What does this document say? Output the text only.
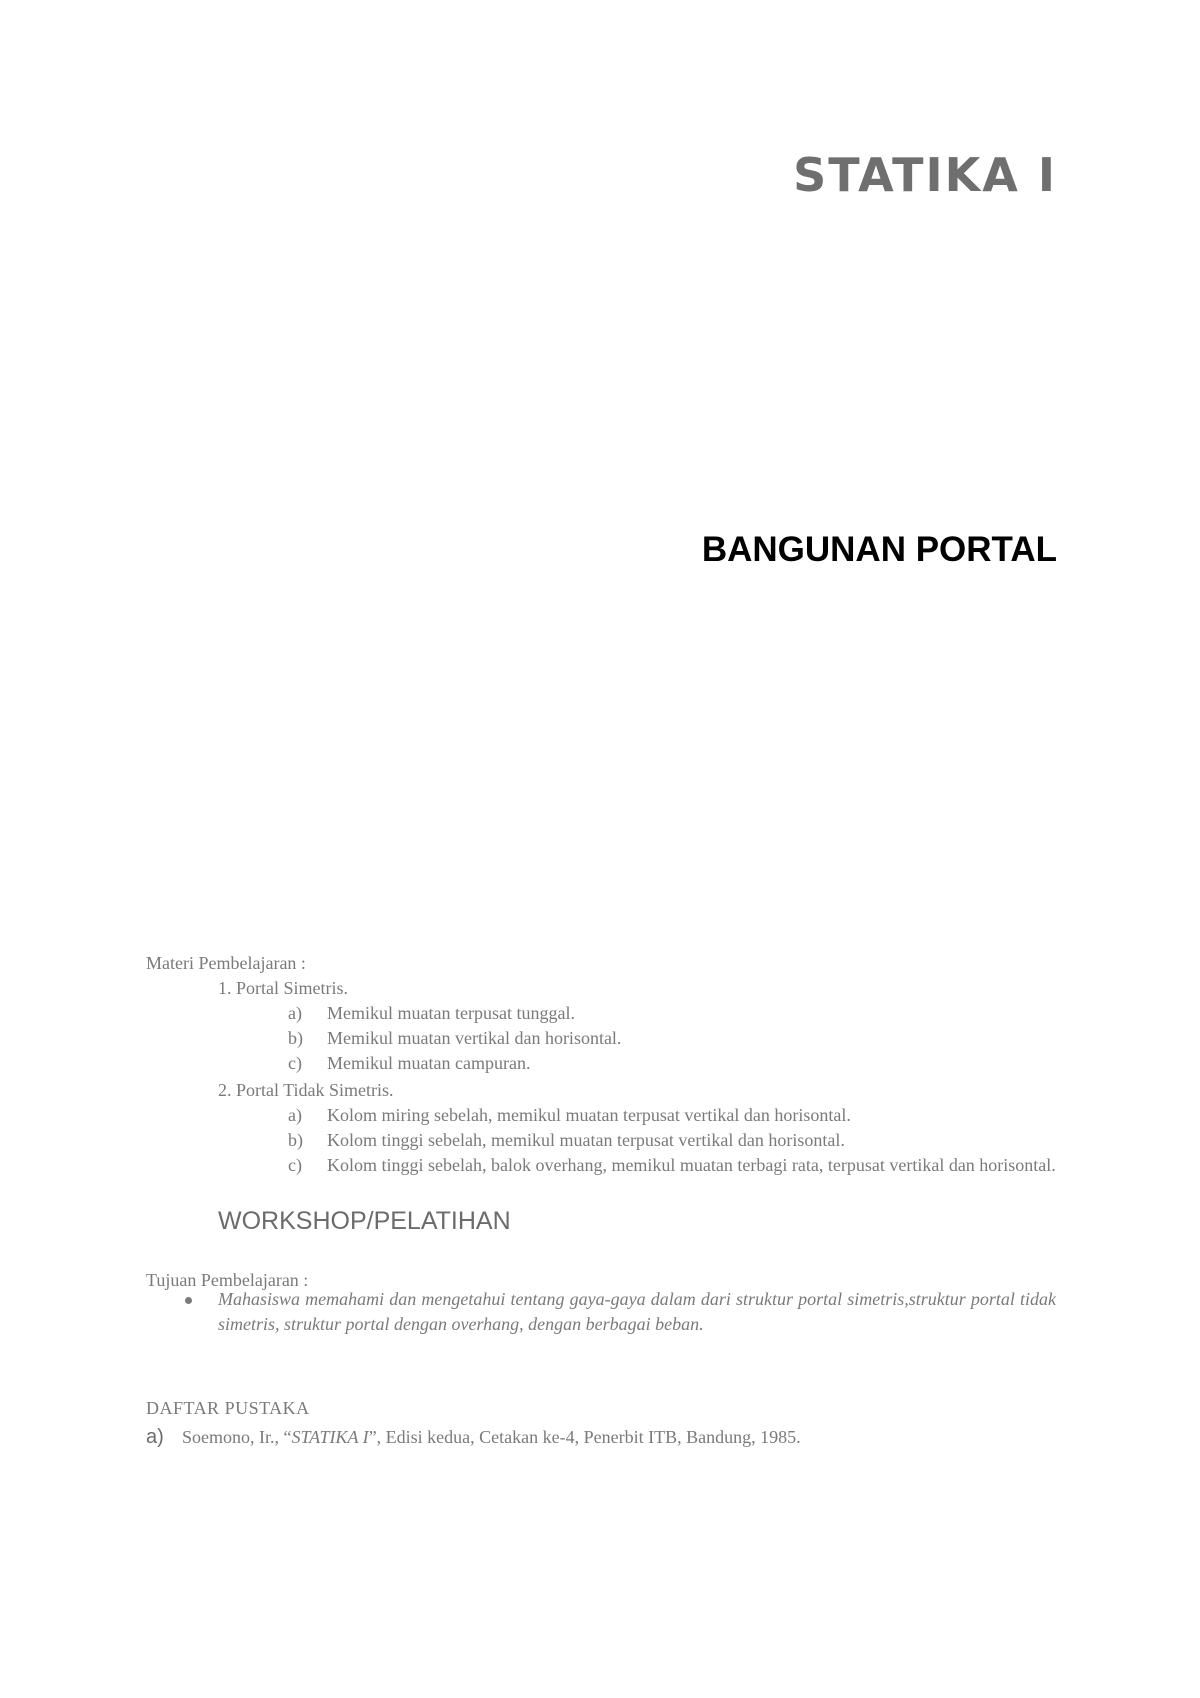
STATIKA I
BANGUNAN PORTAL
Materi Pembelajaran :
1. Portal Simetris.
a) Memikul muatan terpusat tunggal.
b) Memikul muatan vertikal dan horisontal.
c) Memikul muatan campuran.
2. Portal Tidak Simetris.
a) Kolom miring sebelah, memikul muatan terpusat vertikal dan horisontal.
b) Kolom tinggi sebelah, memikul muatan terpusat vertikal dan horisontal.
c) Kolom tinggi sebelah, balok overhang, memikul muatan terbagi rata, terpusat vertikal dan horisontal.
WORKSHOP/PELATIHAN
Tujuan Pembelajaran :
Mahasiswa memahami dan mengetahui tentang gaya-gaya dalam dari struktur portal simetris,struktur portal tidak simetris, struktur portal dengan overhang, dengan berbagai beban.
DAFTAR PUSTAKA
a) Soemono, Ir., “STATIKA I”, Edisi kedua, Cetakan ke-4, Penerbit ITB, Bandung, 1985.
